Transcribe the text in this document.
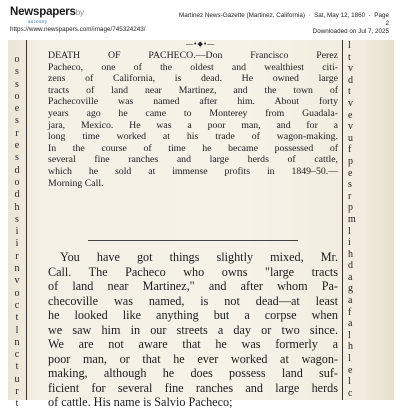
Newspapersby
ancestry
https://www.newspapers.com/image/745324243/
Martinez News-Gazette (Martinez, California)  ·  Sat, May 12, 1860  ·  Page
2
Downloaded on Jul 7, 2025
o
s
s
o
e
s
r
e
s
d
o
d
h
s
i
i
r
n
v
o
c
t
l
n
c
t
u
r
t
l
t
v
d
t
v
e
v
u
f
p
e
s
r
p
m
l
i
h
d
a
g
a
f
a
l
h
l
e
l
c
—•◆•—
DEATH OF PACHECO.—Don Francisco Perez
Pacheco, one of the oldest and wealthiest citi-
zens of California, is dead. He owned large
tracts of land near Martinez, and the town of
Pachecoville was named after him. About forty
years ago he came to Monterey from Guadala-
jara, Mexico. He was a poor man, and for a
long time worked at his trade of wagon-making.
In the course of time he became possessed of
several fine ranches and large herds of cattle,
which he sold at immense profits in 1849–50.—
Morning Call.
You have got things slightly mixed, Mr.
Call. The Pacheco who owns "large tracts
of land near Martinez," and after whom Pa-
checoville was named, is not dead—at least
he looked like anything but a corpse when
we saw him in our streets a day or two since.
We are not aware that he was formerly a
poor man, or that he ever worked at wagon-
making, although he does possess land suf-
ficient for several fine ranches and large herds
of cattle. His name is Salvio Pacheco;
